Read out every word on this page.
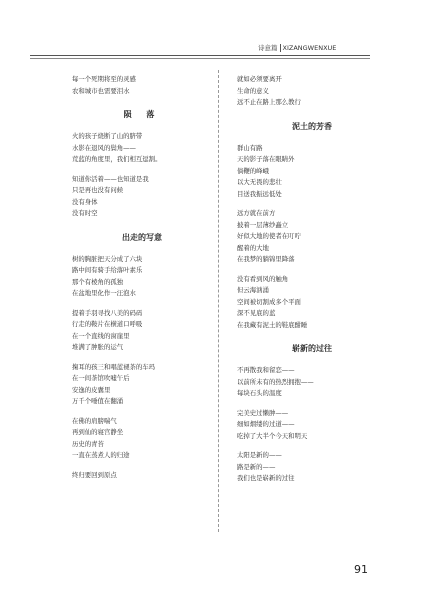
诗意篇 XIZANGWENXUE
每一个死期将至的灵感
农和城市也需要泪水
陨 落
火的孩子烧断了山的脐带
水影在退风的鬓角——
荒蓝的角度里，我们相互逗割。
知道你活着——也知道是我
只是再也没有问候
没有身体
没有时空
出走的写意
树的胸脏把天分成了六块
路中间有骑手给落叶素乐
那个有棱角的孤独
在盆地里化作一汪泡水
提着手羽寻找八美的码码
行走的鞍片在横道口呼吸
在一个直线的窗崖里
堆满了肿胀的运气
掬耳的孩三和唱蓝褪茶的车玛
在一间茶馆吹嘘午后
安逸的皮囊里
万千个唾值在翻涌
在佛的肩膀喘气
再到仙的寝宫静坐
历史的青苔
一直在蒸煮人的归途
终归要回到原点
就如必须要离开
生命的意义
远不止在路上那么教行
泥土的芳香
群山有路
天的影子落在眼睛外
倘鞭的峰峨
以大无畏的悲壮
目送我振远低处
远方就在前方
披着一层薄纱矗立
好似大地的使者在叮咛
醒着的大地
在我梦的躺锦里降落
没有看到风的触角
但云海汹涌
空间被切割成多个平面
深不见底的蓝
在我藏有泥土的鞋底酣睡
崭新的过往
不再散我和留恋——
以前所未有的热烈拥抱——
每块石头的温度
完美史过懒肿——
细如烟缕的过道——
吃掉了大半个今天和明天
太阳是新的——
路是新的——
我们也是崭新的过往
91
